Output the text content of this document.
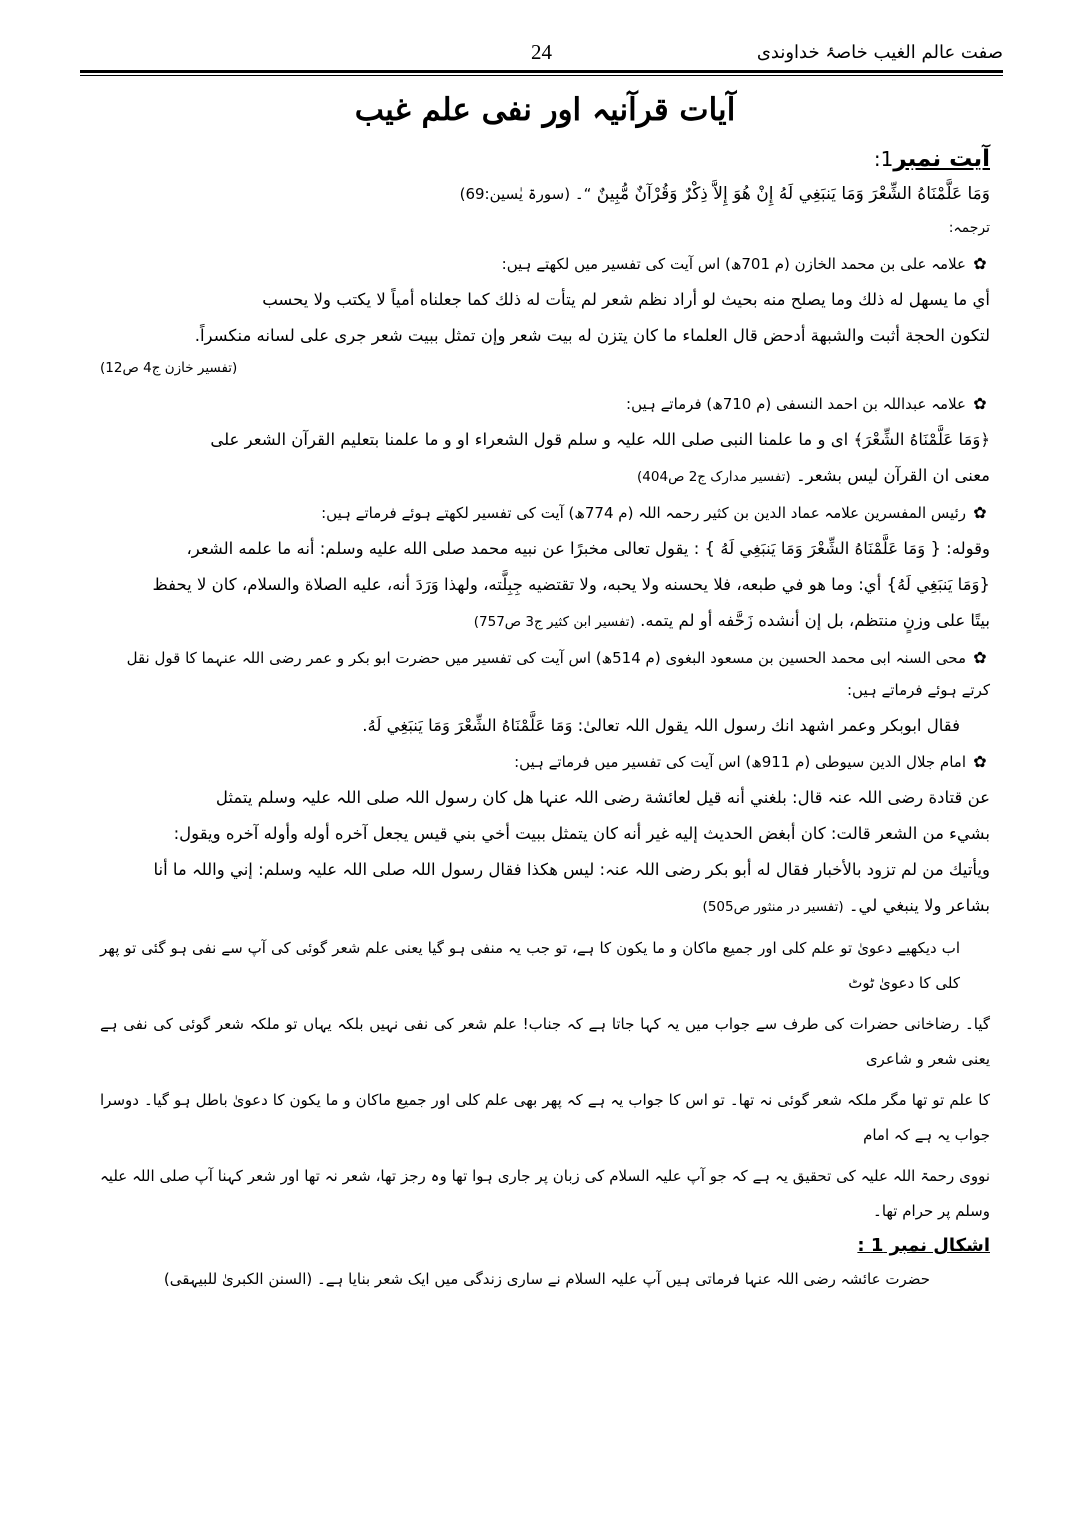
صفت عالم الغیب خاصۂ خداوندی
24
آیات قرآنیہ اور نفی علم غیب
آیت نمبر1:

وَمَا عَلَّمْنَاهُ الشِّعْرَ وَمَا يَنبَغِي لَهُ إِنْ هُوَ إِلاَّ ذِكْرٌ وَقُرْآنٌ مُّبِينٌ “۔ (سورۃ یٰسین:69)

ترجمہ:
✿علامہ علی بن محمد الخازن (م 701ھ) اس آیت کی تفسیر میں لکھتے ہیں:

أي ما يسهل له ذلك وما يصلح منه بحيث لو أراد نظم شعر لم يتأت له ذلك كما جعلناه أمياً لا يكتب ولا يحسب

لتكون الحجة أثبت والشبهة أدحض قال العلماء ما كان يتزن له بيت شعر وإن تمثل ببيت شعر جرى على لسانه منكسراً.

(تفسیر خازن ج4 ص12)
✿علامہ عبداللہ بن احمد النسفی (م 710ھ) فرماتے ہیں:

﴿وَمَا عَلَّمْنَاهُ الشِّعْرَ﴾ ای و ما علمنا النبی صلی اللہ علیہ و سلم قول الشعراء او و ما علمنا بتعلیم القرآن الشعر علی

معنی ان القرآن لیس بشعر۔ (تفسیر مدارک ج2 ص404)

✿رئیس المفسرین علامہ عماد الدین بن کثیر رحمہ اللہ (م 774ھ) آیت کی تفسیر لکھتے ہوئے فرماتے ہیں:

وقوله: { وَمَا عَلَّمْنَاهُ الشِّعْرَ وَمَا يَنبَغِي لَهُ } : يقول تعالى مخبرًا عن نبيه محمد صلى الله عليه وسلم: أنه ما علمه الشعر،

{وَمَا يَنبَغِي لَهُ} أي: وما هو في طبعه، فلا يحسنه ولا يحبه، ولا تقتضيه جِبِلَّته، ولهذا وَرَدَ أنه، عليه الصلاة والسلام، كان لا يحفظ

بيتًا على وزنٍ منتظم، بل إن أنشده زَحَّفه أو لم يتمه. (تفسیر ابن کثیر ج3 ص757)

✿محی السنہ ابی محمد الحسین بن مسعود البغوی (م 514ھ) اس آیت کی تفسیر میں حضرت ابو بکر و عمر رضی اللہ عنہما کا قول نقل کرتے ہوئے فرماتے ہیں:

فقال ابوبکر وعمر اشھد انك رسول اللہ یقول اللہ تعالیٰ: وَمَا عَلَّمْنَاهُ الشِّعْرَ وَمَا يَنبَغِي لَهُ.

✿امام جلال الدین سیوطی (م 911ھ) اس آیت کی تفسیر میں فرماتے ہیں:

عن قتادة رضی اللہ عنہ قال: بلغني أنه قيل لعائشة رضی اللہ عنہا هل كان رسول اللہ صلی اللہ علیہ وسلم يتمثل

بشيء من الشعر قالت: كان أبغض الحديث إليه غير أنه كان يتمثل ببيت أخي بني قيس يجعل آخره أوله وأوله آخره ويقول:

ويأتيك من لم تزود بالأخبار فقال له أبو بكر رضی اللہ عنہ: ليس هكذا فقال رسول اللہ صلی اللہ علیہ وسلم: إني واللہ ما أنا

بشاعر ولا ينبغي لي۔ (تفسیر در منثور ص505)

اب دیکھیے دعویٰ تو علم کلی اور جمیع ماکان و ما یکون کا ہے، تو جب یہ منفی ہو گیا یعنی علم شعر گوئی کی آپ سے نفی ہو گئی تو پھر کلی کا دعویٰ ٹوٹ

گیا۔ رضاخانی حضرات کی طرف سے جواب میں یہ کہا جاتا ہے کہ جناب! علم شعر کی نفی نہیں بلکہ یہاں تو ملکہ شعر گوئی کی نفی ہے یعنی شعر و شاعری

کا علم تو تھا مگر ملکہ شعر گوئی نہ تھا۔ تو اس کا جواب یہ ہے کہ پھر بھی علم کلی اور جمیع ماکان و ما یکون کا دعویٰ باطل ہو گیا۔ دوسرا جواب یہ ہے کہ امام

نووی رحمۃ اللہ علیہ کی تحقیق یہ ہے کہ جو آپ علیہ السلام کی زبان پر جاری ہوا تھا وہ رجز تھا، شعر نہ تھا اور شعر کہنا آپ صلی اللہ علیہ وسلم پر حرام تھا۔

اشکال نمبر 1 :

حضرت عائشہ رضی اللہ عنہا فرماتی ہیں آپ علیہ السلام نے ساری زندگی میں ایک شعر بنایا ہے۔ (السنن الکبریٰ للبیہقی)
